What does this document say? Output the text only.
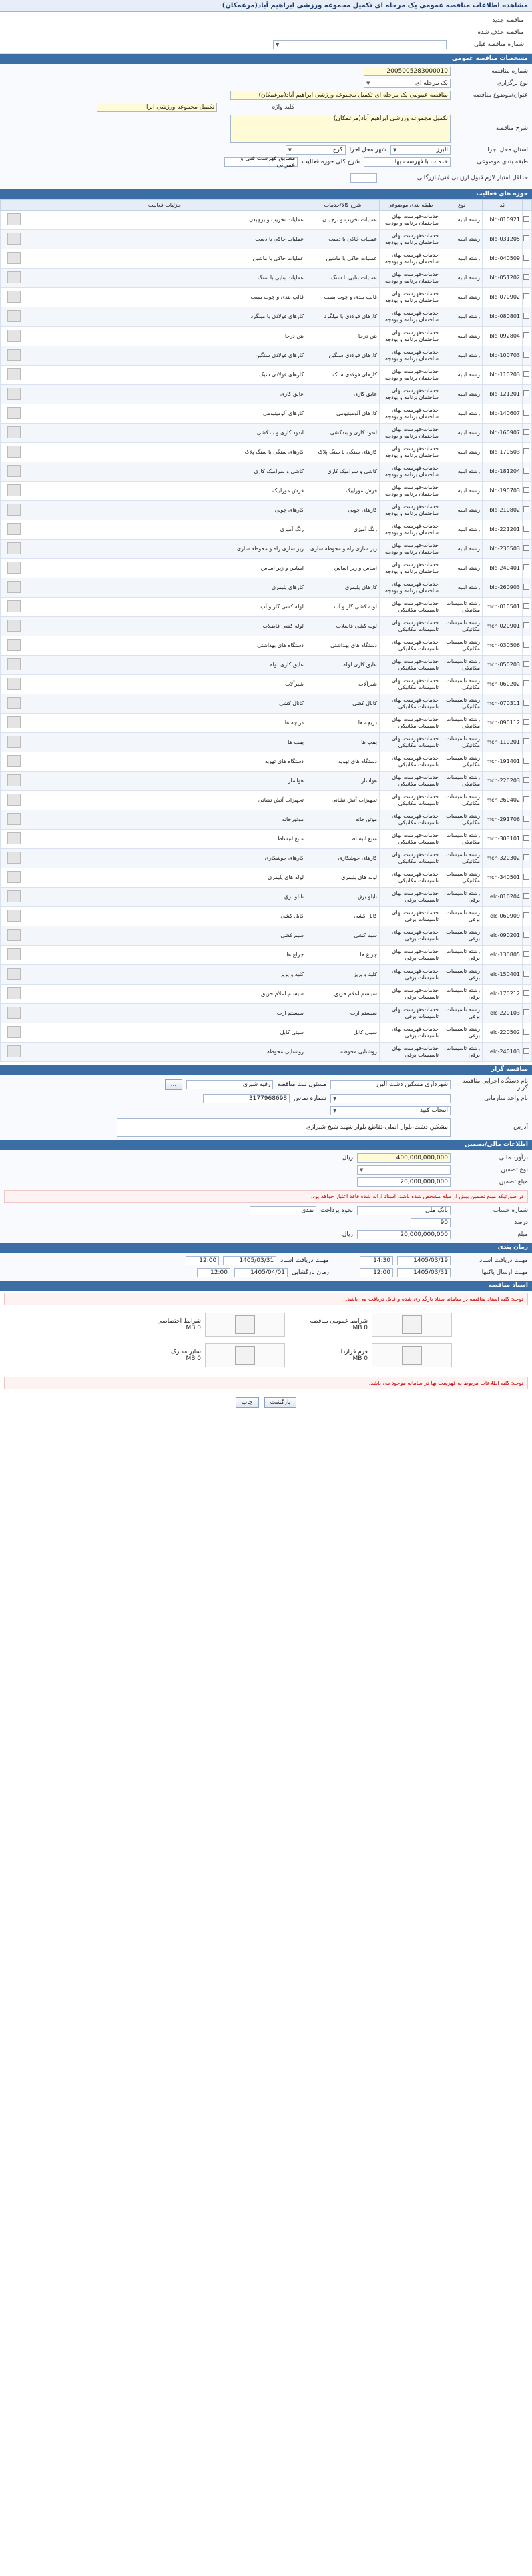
مشاهده اطلاعات مناقصه عمومی یک مرحله ای تکمیل مجموعه ورزشی ابراهیم آباد(مرغمکان)
مناقصه جدید
مناقصه حذف شده
شماره مناقصه قبلی
▼
مشخصات مناقصه عمومی
شماره مناقصه
2005005283000010
نوع برگزاری
یک مرحله ای
▼
عنوان/موضوع مناقصه
مناقصه عمومی یک مرحله ای تکمیل مجموعه ورزشی ابراهیم آباد(مرغمکان)
کلید واژه
تکمیل مجموعه ورزشی ابرا
شرح مناقصه
تکمیل مجموعه ورزشی ابراهیم آباد(مرغمکان)
استان محل اجرا
البرز
▼
شهر محل اجرا
کرج
▼
طبقه بندی موضوعی
خدمات با فهرست بها
شرح کلی حوزه فعالیت
مطابق فهرست فنی و عمرانی
حداقل امتیاز لازم قبول ارزیابی فنی/بازرگانی
حوزه های فعالیت
	کد	نوع	طبقه بندی موضوعی	شرح کالا/خدمات	جزئیات فعالیت	
	bld-010921	رشته ابنیه	خدمات-فهرست بهای ساختمان برنامه و بودجه	عملیات تخریب و برچیدن	عملیات تخریب و برچیدن	
	bld-031205	رشته ابنیه	خدمات-فهرست بهای ساختمان برنامه و بودجه	عملیات خاکی با دست	عملیات خاکی با دست	
	bld-040509	رشته ابنیه	خدمات-فهرست بهای ساختمان برنامه و بودجه	عملیات خاکی با ماشین	عملیات خاکی با ماشین	
	bld-051202	رشته ابنیه	خدمات-فهرست بهای ساختمان برنامه و بودجه	عملیات بنایی با سنگ	عملیات بنایی با سنگ	
	bld-070902	رشته ابنیه	خدمات-فهرست بهای ساختمان برنامه و بودجه	قالب بندی و چوب بست	قالب بندی و چوب بست	
	bld-080801	رشته ابنیه	خدمات-فهرست بهای ساختمان برنامه و بودجه	کارهای فولادی با میلگرد	کارهای فولادی با میلگرد	
	bld-092804	رشته ابنیه	خدمات-فهرست بهای ساختمان برنامه و بودجه	بتن درجا	بتن درجا	
	bld-100703	رشته ابنیه	خدمات-فهرست بهای ساختمان برنامه و بودجه	کارهای فولادی سنگین	کارهای فولادی سنگین	
	bld-110203	رشته ابنیه	خدمات-فهرست بهای ساختمان برنامه و بودجه	کارهای فولادی سبک	کارهای فولادی سبک	
	bld-121201	رشته ابنیه	خدمات-فهرست بهای ساختمان برنامه و بودجه	عایق کاری	عایق کاری	
	bld-140607	رشته ابنیه	خدمات-فهرست بهای ساختمان برنامه و بودجه	کارهای آلومینیومی	کارهای آلومینیومی	
	bld-160907	رشته ابنیه	خدمات-فهرست بهای ساختمان برنامه و بودجه	اندود کاری و بندکشی	اندود کاری و بندکشی	
	bld-170503	رشته ابنیه	خدمات-فهرست بهای ساختمان برنامه و بودجه	کارهای سنگی با سنگ پلاک	کارهای سنگی با سنگ پلاک	
	bld-181204	رشته ابنیه	خدمات-فهرست بهای ساختمان برنامه و بودجه	کاشی و سرامیک کاری	کاشی و سرامیک کاری	
	bld-190703	رشته ابنیه	خدمات-فهرست بهای ساختمان برنامه و بودجه	فرش موزاییک	فرش موزاییک	
	bld-210802	رشته ابنیه	خدمات-فهرست بهای ساختمان برنامه و بودجه	کارهای چوبی	کارهای چوبی	
	bld-221201	رشته ابنیه	خدمات-فهرست بهای ساختمان برنامه و بودجه	رنگ آمیزی	رنگ آمیزی	
	bld-230503	رشته ابنیه	خدمات-فهرست بهای ساختمان برنامه و بودجه	زیر سازی راه و محوطه سازی	زیر سازی راه و محوطه سازی	
	bld-240401	رشته ابنیه	خدمات-فهرست بهای ساختمان برنامه و بودجه	اساس و زیر اساس	اساس و زیر اساس	
	bld-260903	رشته ابنیه	خدمات-فهرست بهای ساختمان برنامه و بودجه	کارهای پلیمری	کارهای پلیمری	
	mch-010501	رشته تاسیسات مکانیکی	خدمات-فهرست بهای تاسیسات مکانیکی	لوله کشی گاز و آب	لوله کشی گاز و آب	
	mch-020901	رشته تاسیسات مکانیکی	خدمات-فهرست بهای تاسیسات مکانیکی	لوله کشی فاضلاب	لوله کشی فاضلاب	
	mch-030506	رشته تاسیسات مکانیکی	خدمات-فهرست بهای تاسیسات مکانیکی	دستگاه های بهداشتی	دستگاه های بهداشتی	
	mch-050203	رشته تاسیسات مکانیکی	خدمات-فهرست بهای تاسیسات مکانیکی	عایق کاری لوله	عایق کاری لوله	
	mch-060202	رشته تاسیسات مکانیکی	خدمات-فهرست بهای تاسیسات مکانیکی	شیرآلات	شیرآلات	
	mch-070311	رشته تاسیسات مکانیکی	خدمات-فهرست بهای تاسیسات مکانیکی	کانال کشی	کانال کشی	
	mch-090112	رشته تاسیسات مکانیکی	خدمات-فهرست بهای تاسیسات مکانیکی	دریچه ها	دریچه ها	
	mch-110201	رشته تاسیسات مکانیکی	خدمات-فهرست بهای تاسیسات مکانیکی	پمپ ها	پمپ ها	
	mch-191401	رشته تاسیسات مکانیکی	خدمات-فهرست بهای تاسیسات مکانیکی	دستگاه های تهویه	دستگاه های تهویه	
	mch-220203	رشته تاسیسات مکانیکی	خدمات-فهرست بهای تاسیسات مکانیکی	هواساز	هواساز	
	mch-260402	رشته تاسیسات مکانیکی	خدمات-فهرست بهای تاسیسات مکانیکی	تجهیزات آتش نشانی	تجهیزات آتش نشانی	
	mch-291706	رشته تاسیسات مکانیکی	خدمات-فهرست بهای تاسیسات مکانیکی	موتورخانه	موتورخانه	
	mch-303101	رشته تاسیسات مکانیکی	خدمات-فهرست بهای تاسیسات مکانیکی	منبع انبساط	منبع انبساط	
	mch-320302	رشته تاسیسات مکانیکی	خدمات-فهرست بهای تاسیسات مکانیکی	کارهای جوشکاری	کارهای جوشکاری	
	mch-340501	رشته تاسیسات مکانیکی	خدمات-فهرست بهای تاسیسات مکانیکی	لوله های پلیمری	لوله های پلیمری	
	elc-010204	رشته تاسیسات برقی	خدمات-فهرست بهای تاسیسات برقی	تابلو برق	تابلو برق	
	elc-060909	رشته تاسیسات برقی	خدمات-فهرست بهای تاسیسات برقی	کابل کشی	کابل کشی	
	elc-090201	رشته تاسیسات برقی	خدمات-فهرست بهای تاسیسات برقی	سیم کشی	سیم کشی	
	elc-130805	رشته تاسیسات برقی	خدمات-فهرست بهای تاسیسات برقی	چراغ ها	چراغ ها	
	elc-150401	رشته تاسیسات برقی	خدمات-فهرست بهای تاسیسات برقی	کلید و پریز	کلید و پریز	
	elc-170212	رشته تاسیسات برقی	خدمات-فهرست بهای تاسیسات برقی	سیستم اعلام حریق	سیستم اعلام حریق	
	elc-220103	رشته تاسیسات برقی	خدمات-فهرست بهای تاسیسات برقی	سیستم ارت	سیستم ارت	
	elc-220502	رشته تاسیسات برقی	خدمات-فهرست بهای تاسیسات برقی	سینی کابل	سینی کابل	
	elc-240103	رشته تاسیسات برقی	خدمات-فهرست بهای تاسیسات برقی	روشنایی محوطه	روشنایی محوطه	
مناقصه گزار
نام دستگاه اجرایی مناقصه گزار
شهرداری مشکین دشت البرز
مسئول ثبت مناقصه
رقیه شیری
...
نام واحد سازمانی
▼
شماره تماس
3177968698
انتخاب کنید
▼
آدرس
مشکین دشت-بلوار اصلی-تقاطع بلوار شهید شیخ شیرازی
اطلاعات مالی/تضمین
برآورد مالی
400,000,000,000
ریال
نوع تضمین
▼
مبلغ تضمین
20,000,000,000
در صورتیکه مبلغ تضمین بیش از مبلغ مشخص شده باشد، اسناد ارائه شده فاقد اعتبار خواهد بود.
شماره حساب
بانک ملی
نحوه پرداخت
نقدی
درصد
90
مبلغ
20,000,000,000
ریال
زمان بندی
مهلت دریافت اسناد
1405/03/19
14:30
مهلت دریافت اسناد
1405/03/31
12:00
مهلت ارسال پاکتها
1405/03/31
12:00
زمان بازگشایی
1405/04/01
12:00
اسناد مناقصه
توجه: کلیه اسناد مناقصه در سامانه ستاد بارگذاری شده و قابل دریافت می باشد.
شرایط عمومی مناقصه
0 MB
شرایط اختصاصی
0 MB
فرم قرارداد
0 MB
سایر مدارک
0 MB
توجه: کلیه اطلاعات مربوط به فهرست بها در سامانه موجود می باشد.
بازگشت
چاپ
